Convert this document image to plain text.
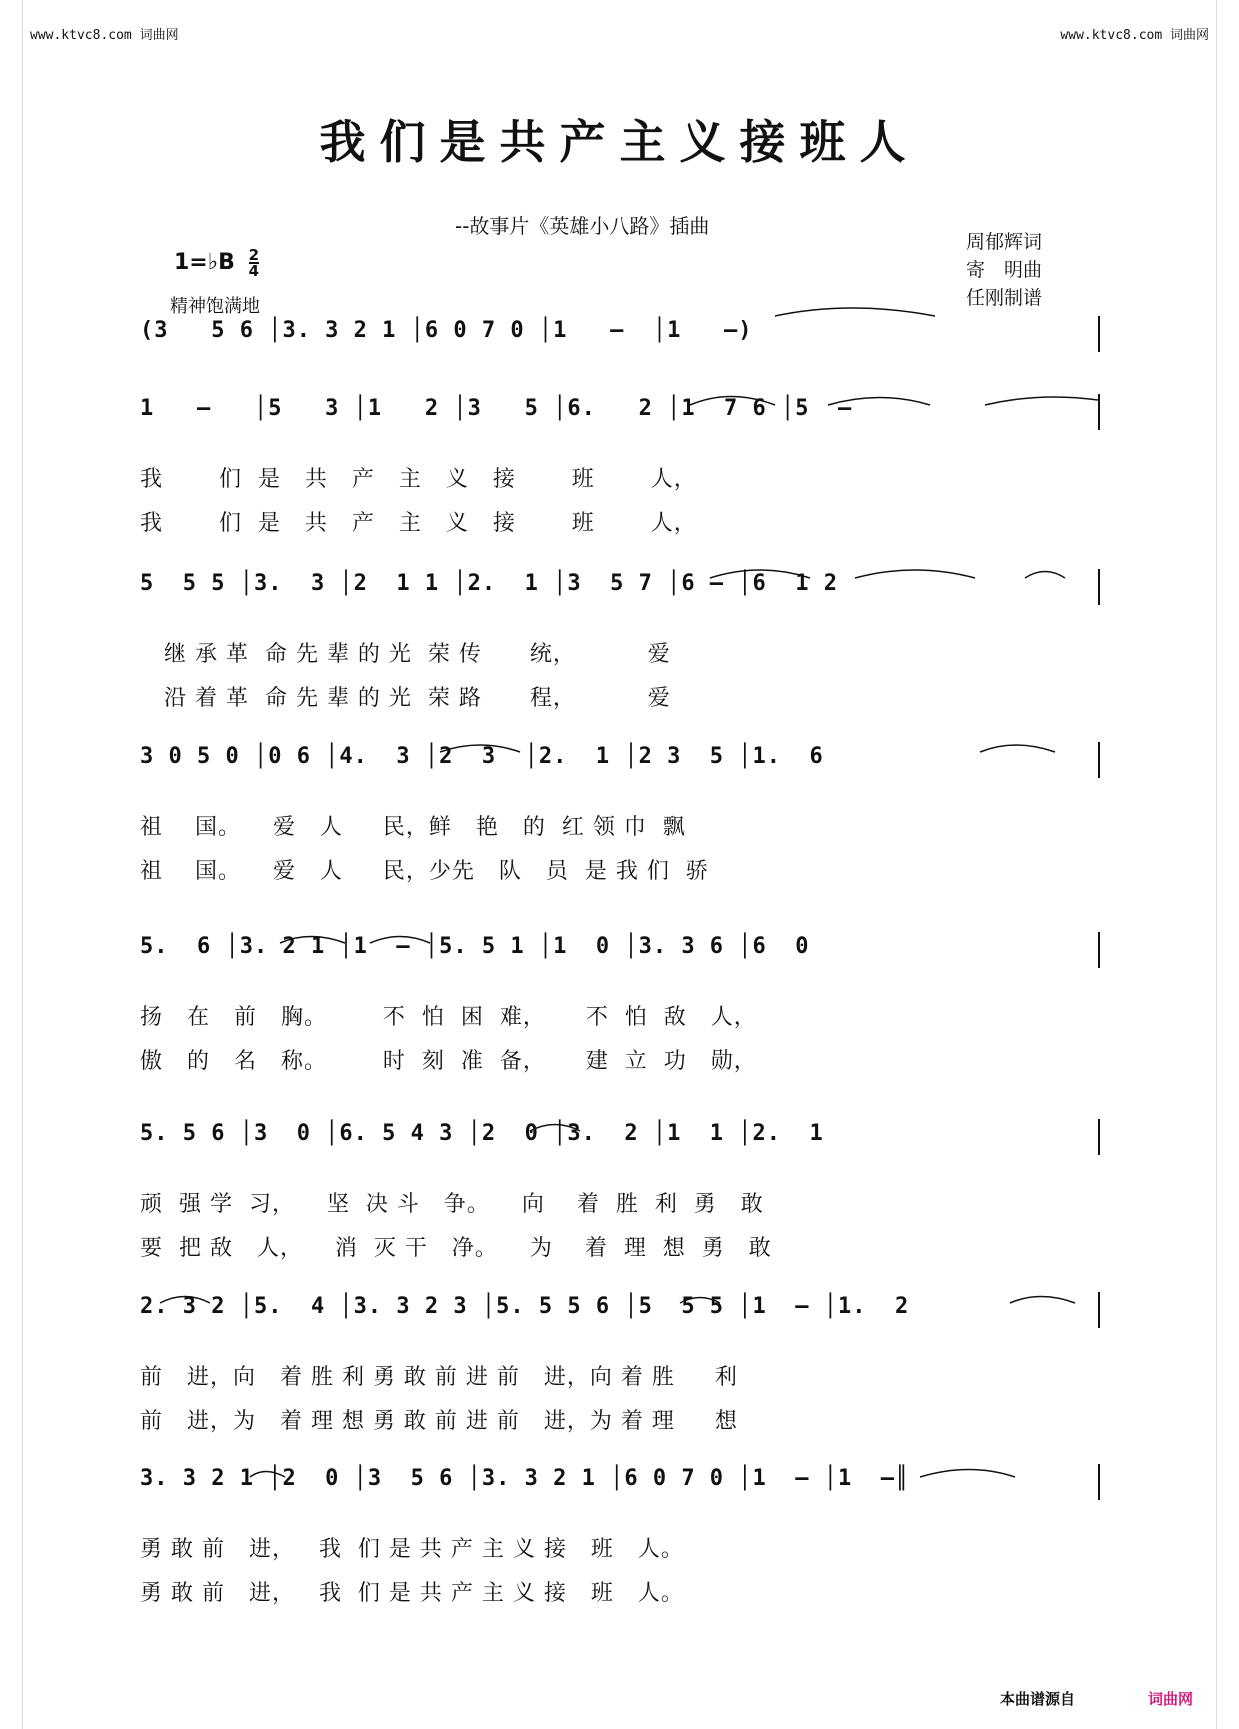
www.ktvc8.com 词曲网	www.ktvc8.com 词曲网
我们是共产主义接班人
--故事片《英雄小八路》插曲
1=♭B $\frac{2}{4}$
精神饱满地
周郁辉词
寄　明曲
任刚制谱
(3   5 6 │3. 3 2 1 │6 0 7 0 │1   –  │1   –)
1   –   │5   3 │1   2 │3   5 │6.   2 │1  7 6 │5  –
我       们  是   共   产   主   义   接       班       人，
我       们  是   共   产   主   义   接       班       人，
5  5 5 │3.  3 │2  1 1 │2.  1 │3  5 7 │6 – │6  1 2
继 承 革  命 先 辈 的 光  荣 传      统，         爱
沿 着 革  命 先 辈 的 光  荣 路      程，         爱
3 0 5 0 │0 6 │4.  3 │2  3  │2.  1 │2 3  5 │1.  6
祖    国。    爱   人     民，鲜   艳   的  红 领 巾  飘
祖    国。    爱   人     民，少先   队   员  是 我 们  骄
5.  6 │3. 2 1 │1  – │5. 5 1 │1  0 │3. 3 6 │6  0
扬   在   前   胸。       不  怕  困  难，     不  怕  敌   人，
傲   的   名   称。       时  刻  准  备，     建  立  功   勋，
5. 5 6 │3  0 │6. 5 4 3 │2  0 │3.  2 │1  1 │2.  1
顽  强 学  习，    坚  决 斗   争。    向    着  胜  利  勇   敢
要  把 敌   人，    消  灭 干   净。    为    着  理  想  勇   敢
2. 3 2 │5.  4 │3. 3 2 3 │5. 5 5 6 │5  5 5 │1  – │1.  2
前   进，向   着 胜 利 勇 敢 前 进 前   进，向 着 胜     利
前   进，为   着 理 想 勇 敢 前 进 前   进，为 着 理     想
3. 3 2 1 │2  0 │3  5 6 │3. 3 2 1 │6 0 7 0 │1  – │1  –║
勇 敢 前   进，   我  们 是 共 产 主 义 接   班   人。
勇 敢 前   进，   我  们 是 共 产 主 义 接   班   人。
本曲谱源自	词曲网
